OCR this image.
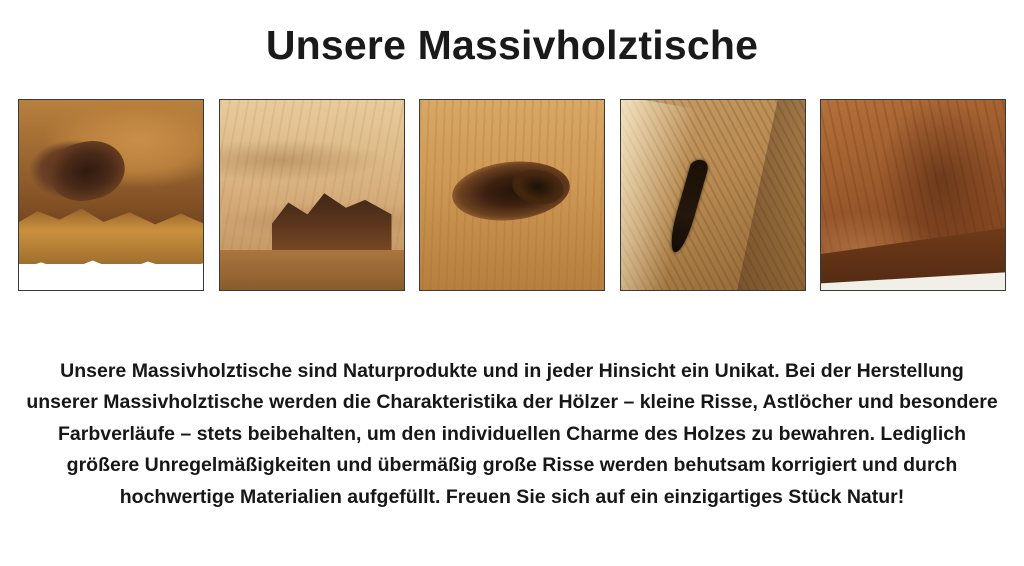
Unsere Massivholztische

Unsere Massivholztische sind Naturprodukte und in jeder Hinsicht ein Unikat. Bei der Herstellung unserer Massivholztische werden die Charakteristika der Hölzer – kleine Risse, Astlöcher und besondere Farbverläufe – stets beibehalten, um den individuellen Charme des Holzes zu bewahren. Lediglich größere Unregelmäßigkeiten und übermäßig große Risse werden behutsam korrigiert und durch hochwertige Materialien aufgefüllt. Freuen Sie sich auf ein einzigartiges Stück Natur!
